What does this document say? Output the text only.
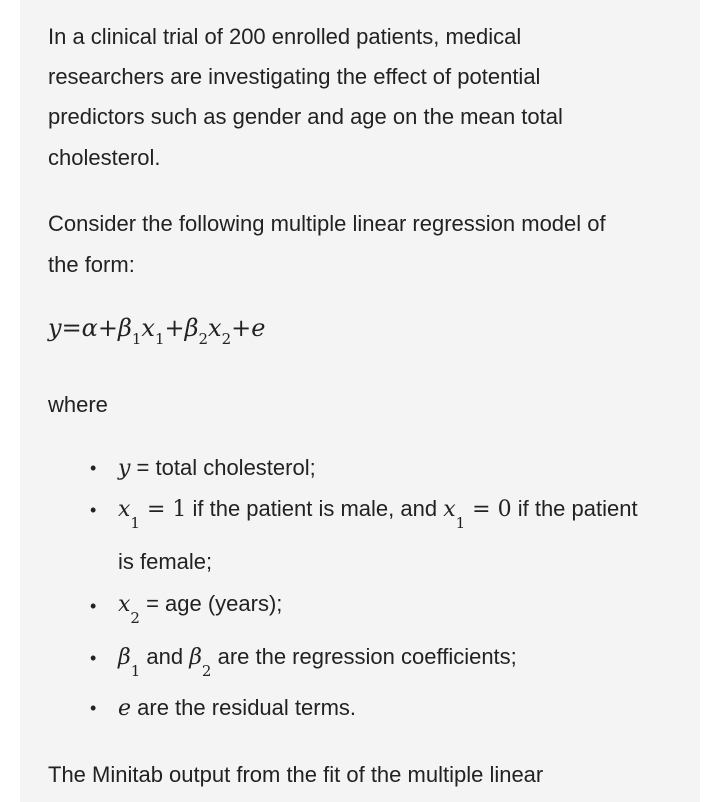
In a clinical trial of 200 enrolled patients, medical
researchers are investigating the effect of potential
predictors such as gender and age on the mean total
cholesterol.
Consider the following multiple linear regression model of
the form:
$y=\alpha+\beta_1x_1+\beta_2x_2+e$
where
• y = total cholesterol;
• $x_1 = 1$ if the patient is male, and $x_1 = 0$ if the patient
is female;
• $x_2$ = age (years);
• $\beta_1$ and $\beta_2$ are the regression coefficients;
• e are the residual terms.
The Minitab output from the fit of the multiple linear
